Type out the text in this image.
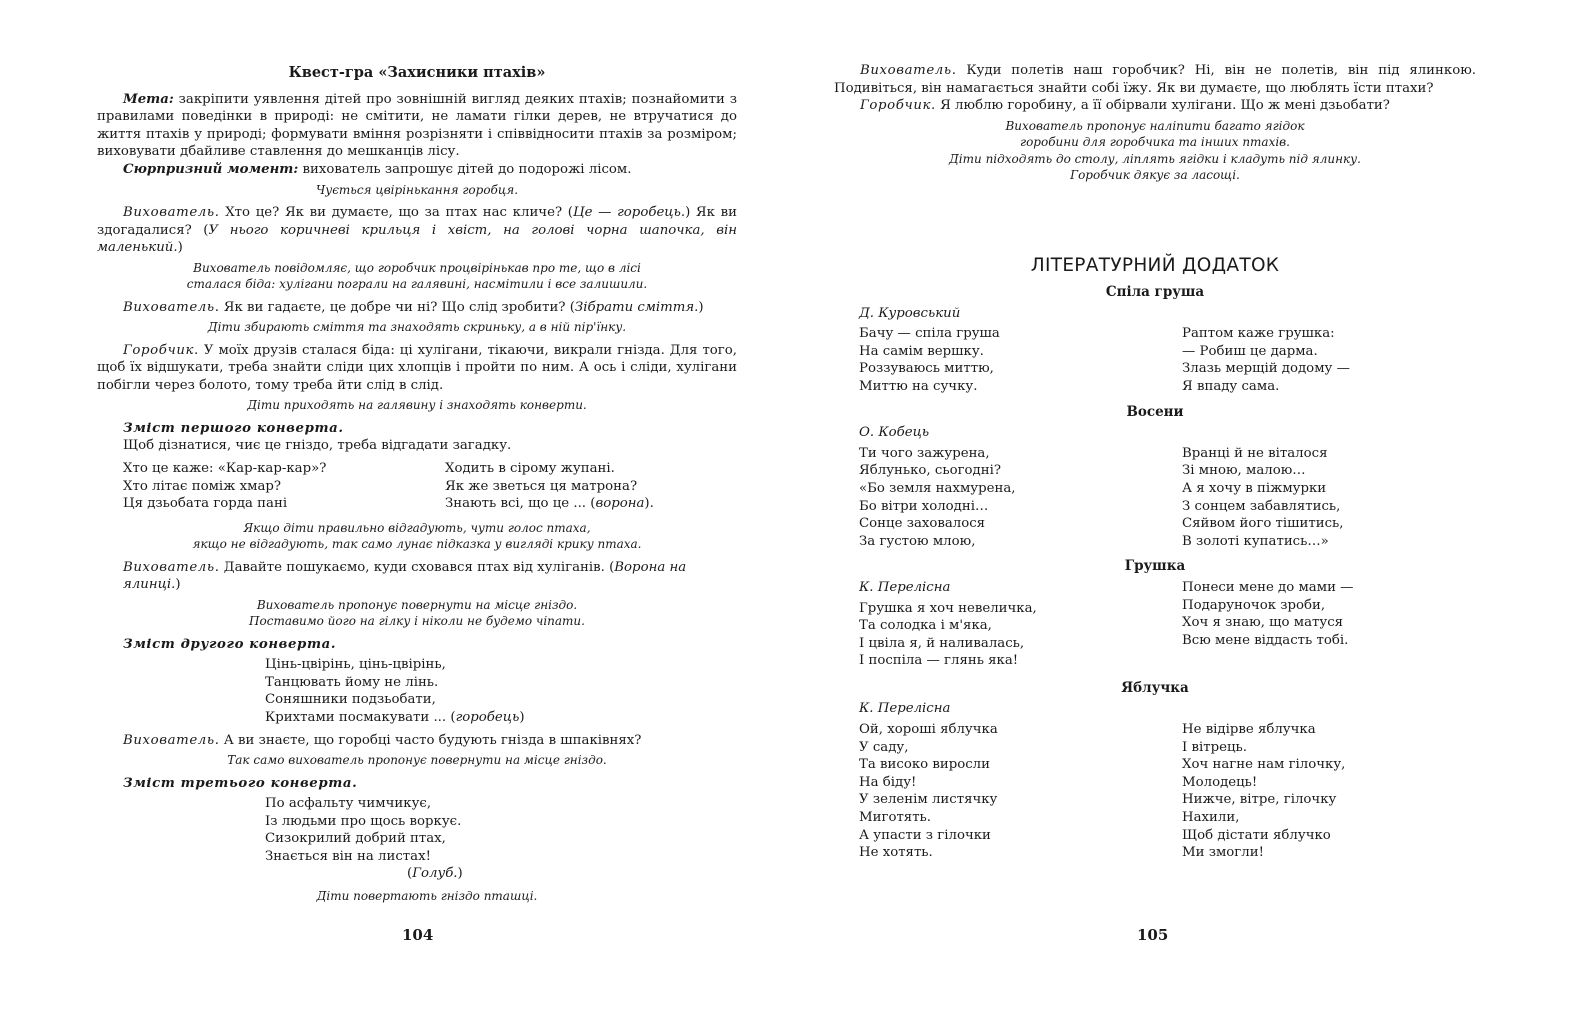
Квест-гра «Захисники птахів»

Мета: закріпити уявлення дітей про зовнішній вигляд деяких птахів; познайомити з правилами поведінки в природі: не смітити, не ламати гілки дерев, не втручатися до життя птахів у природі; формувати вміння розрізняти і співвідносити птахів за розміром; виховувати дбайливе ставлення до мешканців лісу.

Сюрпризний момент: вихователь запрошує дітей до подорожі лісом.

Чується цвірінькання горобця.

Вихователь. Хто це? Як ви думаєте, що за птах нас кличе? (Це — горобець.) Як ви здогадалися? (У нього коричневі крильця і хвіст, на голові чорна шапочка, він маленький.)

Вихователь повідомляє, що горобчик процвірінькав про те, що в лісі
сталася біда: хулігани пограли на галявині, насмітили і все залишили.

Вихователь. Як ви гадаєте, це добре чи ні? Що слід зробити? (Зібрати сміття.)

Діти збирають сміття та знаходять скриньку, а в ній пір'їнку.

Горобчик. У моїх друзів сталася біда: ці хулігани, тікаючи, викрали гнізда. Для того, щоб їх відшукати, треба знайти сліди цих хлопців і пройти по ним. А ось і сліди, хулігани побігли через болото, тому треба йти слід в слід.

Діти приходять на галявину і знаходять конверти.

Зміст першого конверта.

Щоб дізнатися, чиє це гніздо, треба відгадати загадку.

Хто це каже: «Кар-кар-кар»?
Хто літає поміж хмар?
Ця дзьобата горда пані
Ходить в сірому жупані.
Як же зветься ця матрона?
Знають всі, що це ... (ворона).
Якщо діти правильно відгадують, чути голос птаха,
якщо не відгадують, так само лунає підказка у вигляді крику птаха.

Вихователь. Давайте пошукаємо, куди сховався птах від хуліганів. (Ворона на ялинці.)

Вихователь пропонує повернути на місце гніздо.
Поставимо його на гілку і ніколи не будемо чіпати.

Зміст другого конверта.

Цінь-цвірінь, цінь-цвірінь,
Танцювать йому не лінь.
Соняшники подзьобати,
Крихтами посмакувати ... (горобець)

Вихователь. А ви знаєте, що горобці часто будують гнізда в шпаківнях?

Так само вихователь пропонує повернути на місце гніздо.

Зміст третього конверта.

По асфальту чимчикує,
Із людьми про щось воркує.
Сизокрилий добрий птах,
Знається він на листах!
(Голуб.)

Діти повертають гніздо пташці.

104

Вихователь. Куди полетів наш горобчик? Ні, він не полетів, він під ялинкою. Подивіться, він намагається знайти собі їжу. Як ви думаєте, що люблять їсти птахи?

Горобчик. Я люблю горобину, а її обірвали хулігани. Що ж мені дзьобати?

Вихователь пропонує наліпити багато ягідок
горобини для горобчика та інших птахів.
Діти підходять до столу, ліплять ягідки і кладуть під ялинку.
Горобчик дякує за ласощі.

ЛІТЕРАТУРНИЙ ДОДАТОК

Спіла груша

Д. Куровський

Бачу — спіла груша
На самім вершку.
Роззуваюсь миттю,
Миттю на сучку.
Раптом каже грушка:
— Робиш це дарма.
Злазь мерщій додому —
Я впаду сама.

Восени

О. Кобець

Ти чого зажурена,
Яблунько, сьогодні?
«Бо земля нахмурена,
Бо вітри холодні…
Сонце заховалося
За густою млою,
Вранці й не віталося
Зі мною, малою…
А я хочу в піжмурки
З сонцем забавлятись,
Сяйвом його тішитись,
В золоті купатись…»

Грушка

К. Перелісна
Грушка я хоч невеличка,
Та солодка і м'яка,
І цвіла я, й наливалась,
І поспіла — глянь яка!
Понеси мене до мами —
Подаруночок зроби,
Хоч я знаю, що матуся
Всю мене віддасть тобі.

Яблучка

К. Перелісна

Ой, хороші яблучка
У саду,
Та високо виросли
На біду!
У зеленім листячку
Миготять.
А упасти з гілочки
Не хотять.
Не відірве яблучка
І вітрець.
Хоч нагне нам гілочку,
Молодець!
Нижче, вітре, гілочку
Нахили,
Щоб дістати яблучко
Ми змогли!
105
